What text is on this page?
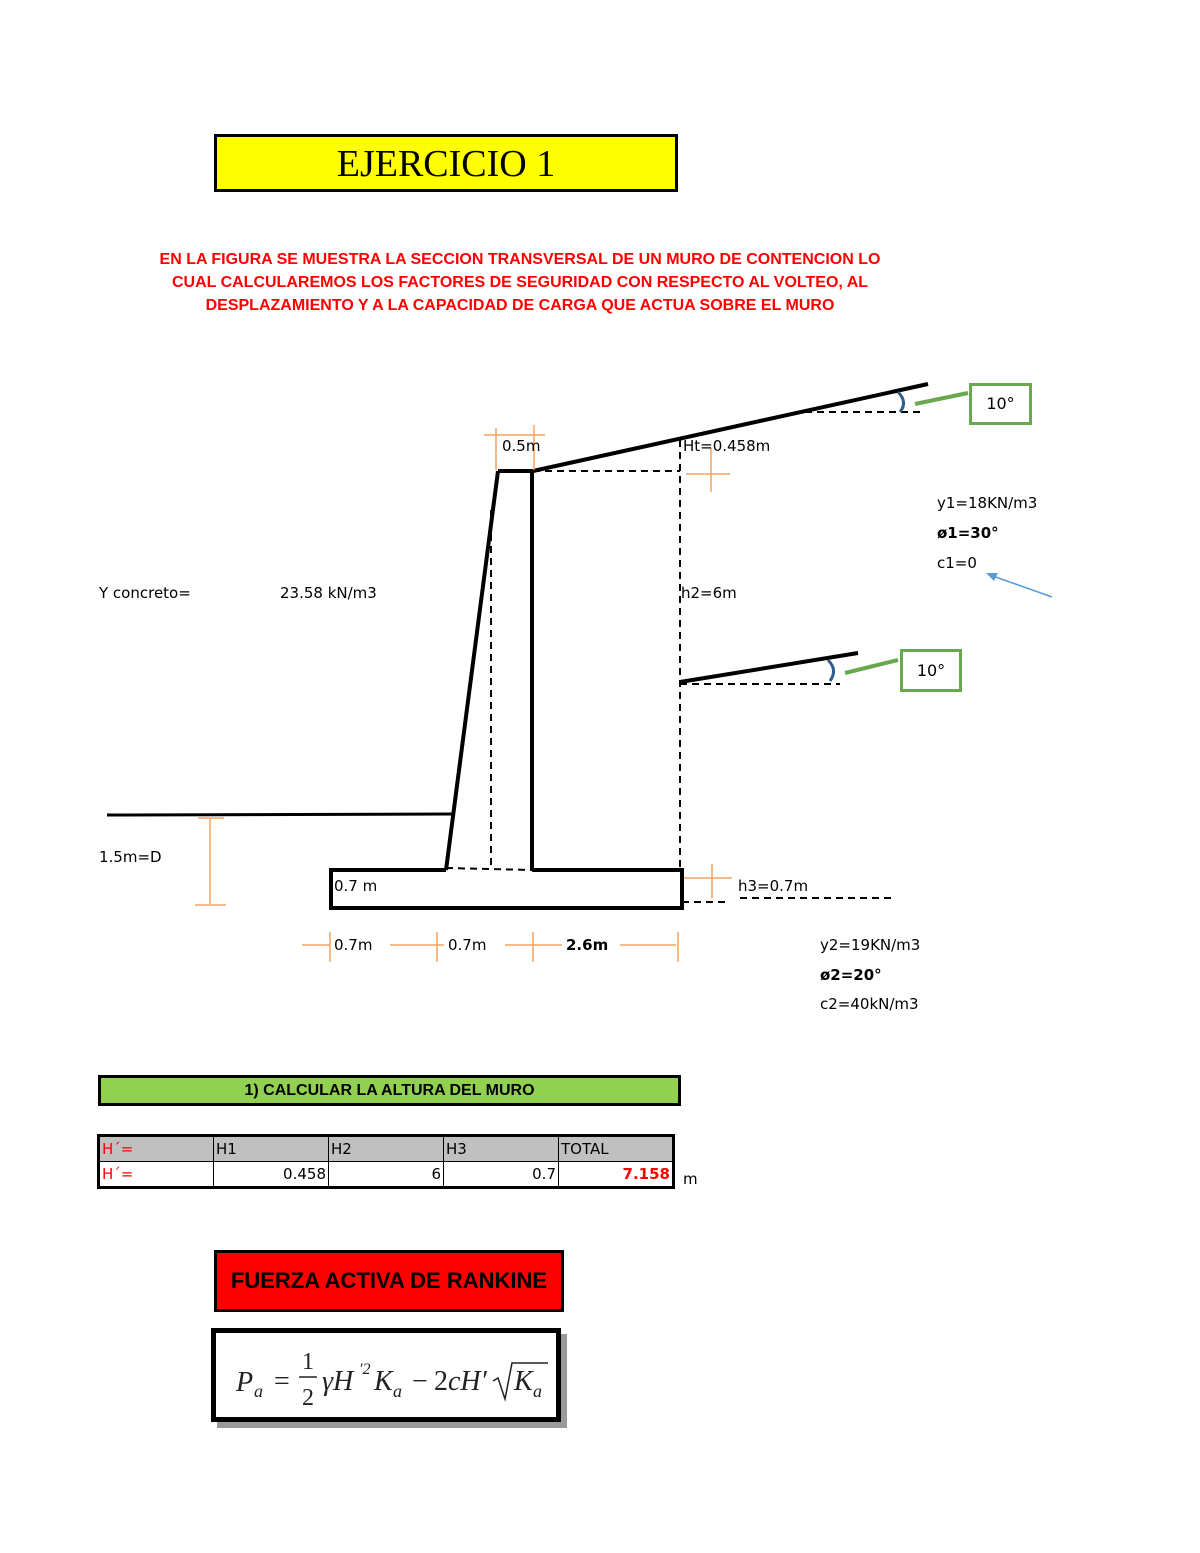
EJERCICIO 1
EN LA FIGURA SE MUESTRA LA SECCION TRANSVERSAL DE UN MURO DE CONTENCION LO
CUAL CALCULAREMOS LOS FACTORES DE SEGURIDAD CON RESPECTO AL VOLTEO, AL
DESPLAZAMIENTO Y A LA CAPACIDAD DE CARGA QUE ACTUA SOBRE EL MURO
10°
10°
0.5m	Ht=0.458m
h2=6m
h3=0.7m
Y concreto=	23.58 kN/m3
y1=18KN/m3
ø1=30°
c1=0
1.5m=D
0.7 m
0.7m	0.7m	2.6m	y2=19KN/m3
ø2=20°
c2=40kN/m3
1) CALCULAR LA ALTURA DEL MURO
H´=	H1	H2	H3	TOTAL
H´=	0.458	6	0.7	7.158 m
FUERZA ACTIVA DE RANKINE
P a =
1
2
γH ′2 K a − 2 cH′ K a
